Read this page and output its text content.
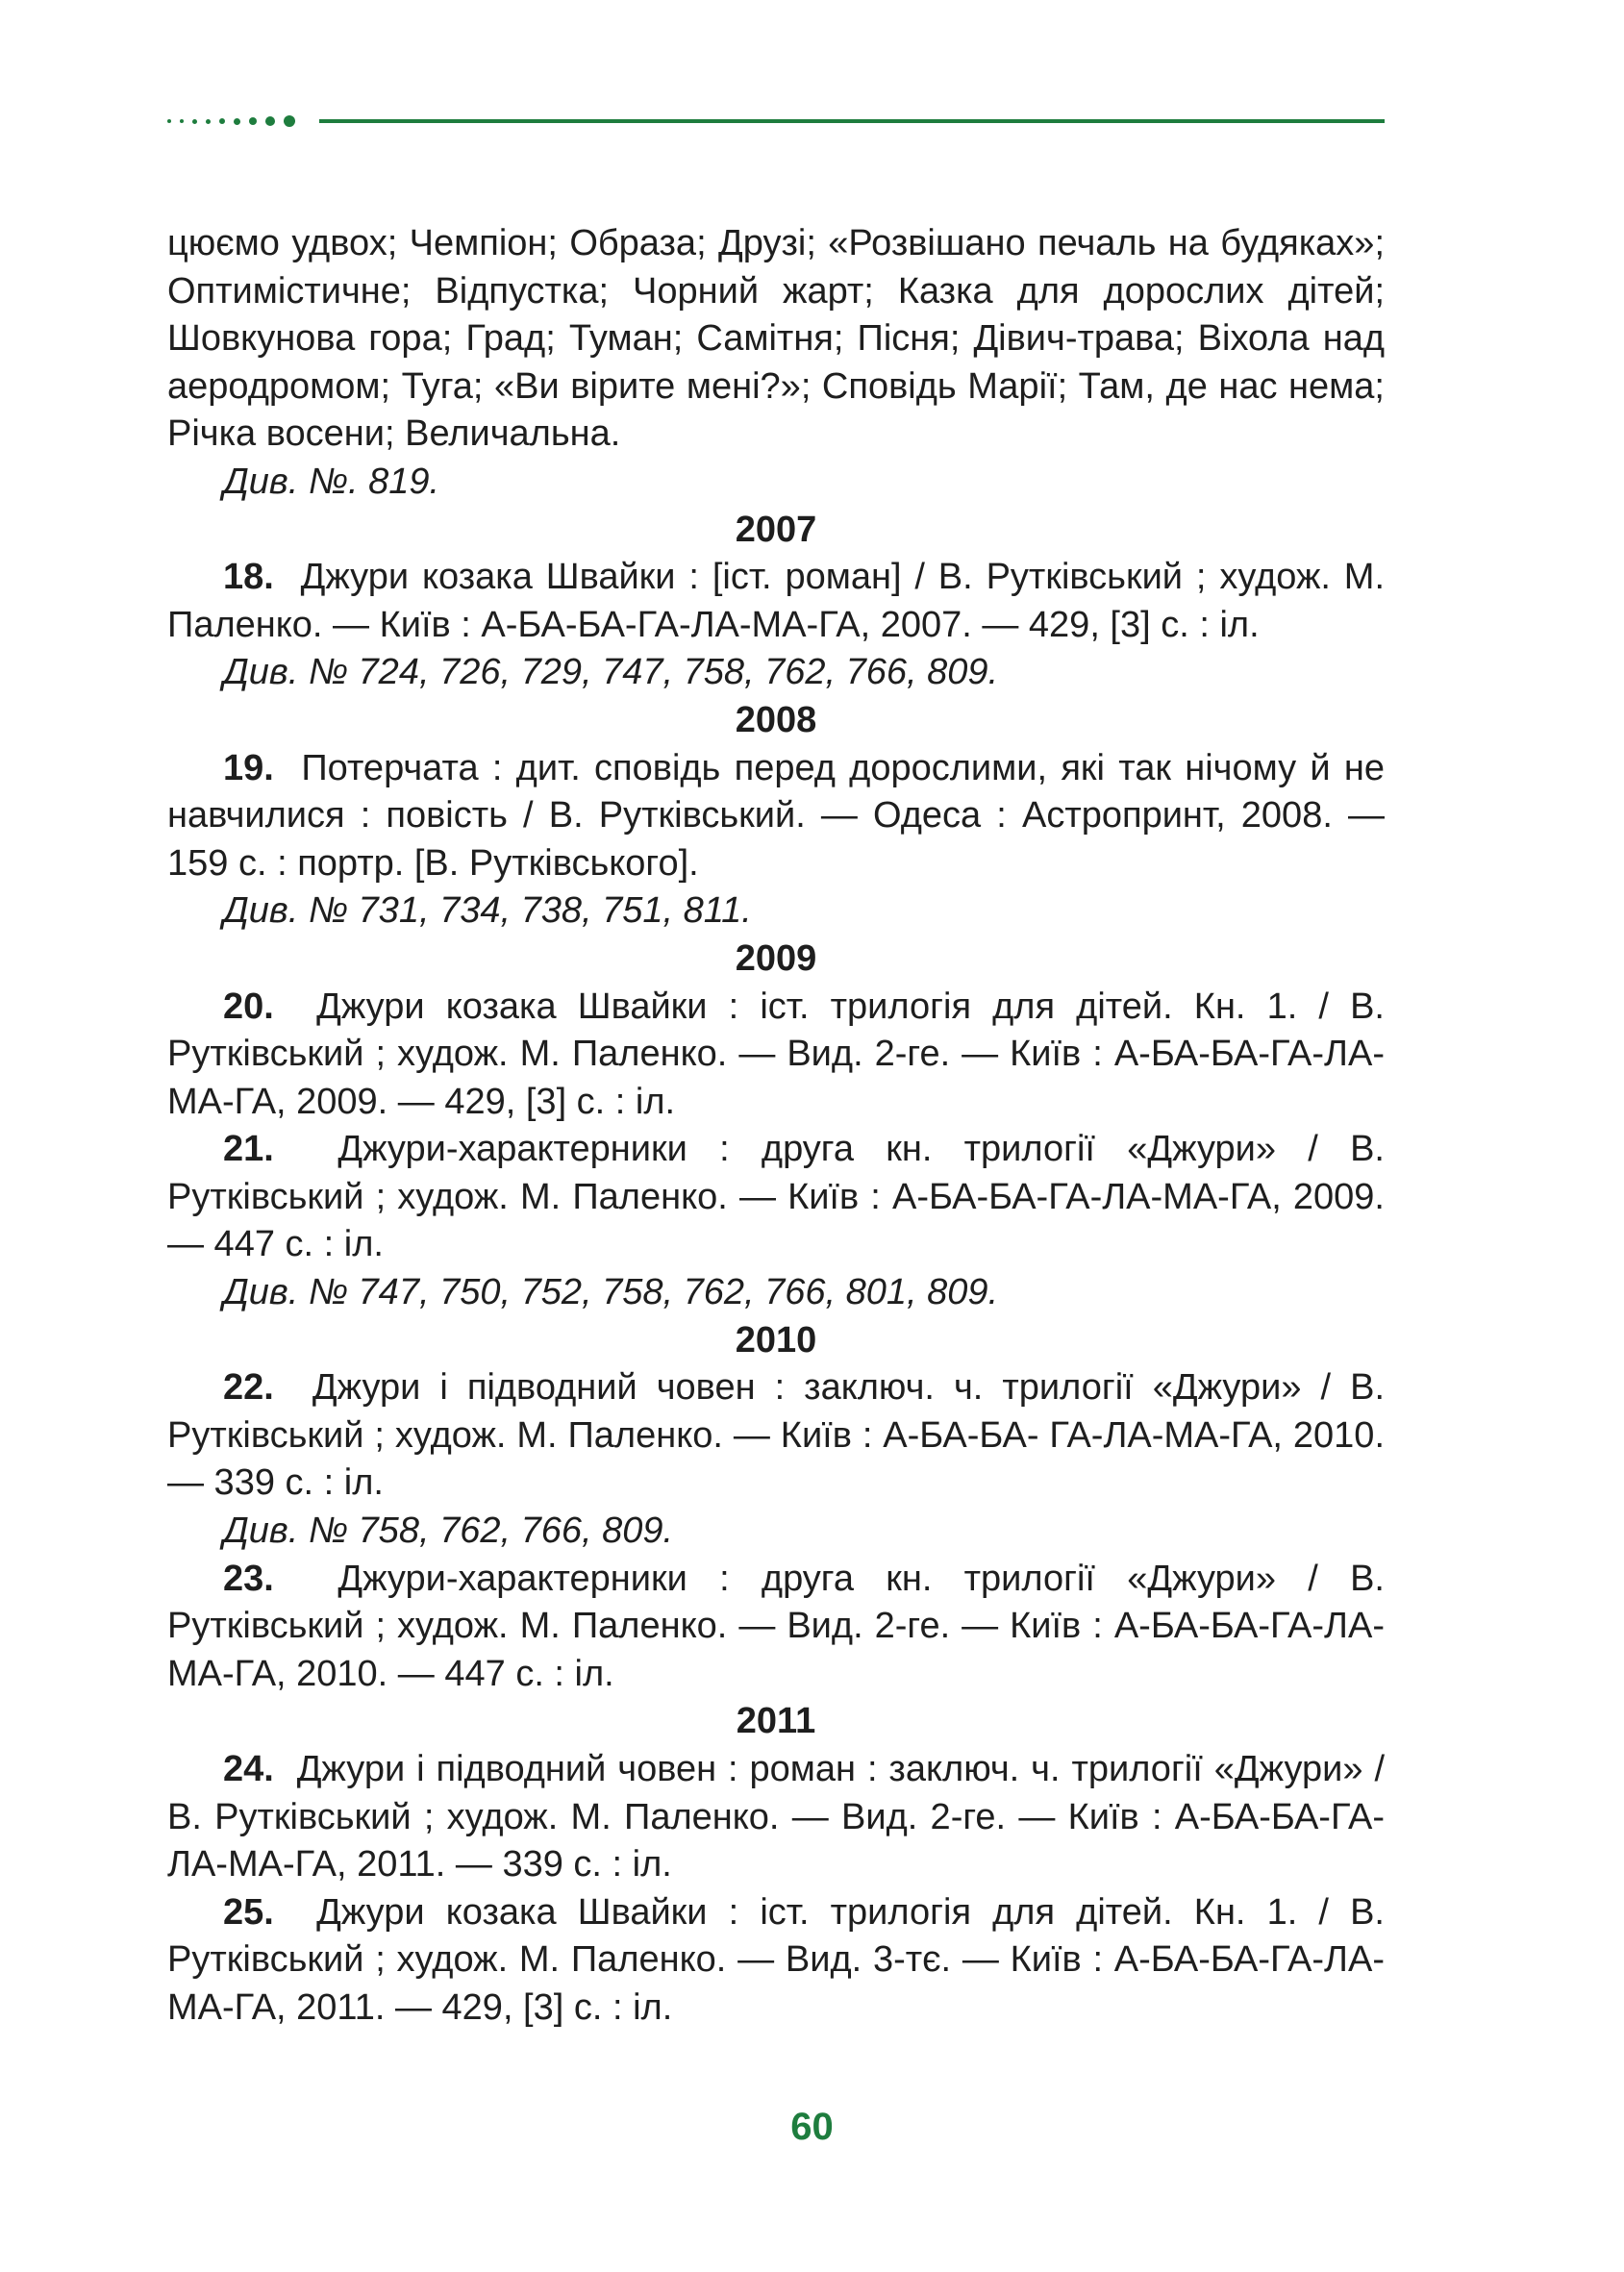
цюємо удвох; Чемпіон; Образа; Друзі; «Розвішано печаль на будяках»; Оптимістичне; Відпустка; Чорний жарт; Казка для дорослих дітей; Шовкунова гора; Град; Туман; Самітня; Пісня; Дівич-трава; Віхола над аеродромом; Туга; «Ви вірите мені?»; Сповідь Марії; Там, де нас нема; Річка восени; Величальна.

Див. №. 819.

2007

18. Джури козака Швайки : [іст. роман] / В. Рутківський ; худож. М. Паленко. — Київ : А-БА-БА-ГА-ЛА-МА-ГА, 2007. — 429, [3] с. : іл.

Див. № 724, 726, 729, 747, 758, 762, 766, 809.

2008

19. Потерчата : дит. сповідь перед дорослими, які так нічому й не навчилися : повість / В. Рутківський. — Одеса : Астропринт, 2008. — 159 с. : портр. [В. Рутківського].

Див. № 731, 734, 738, 751, 811.

2009

20. Джури козака Швайки : іст. трилогія для дітей. Кн. 1. / В. Рутківський ; худож. М. Паленко. — Вид. 2-ге. — Київ : А-БА-БА-ГА-ЛА-МА-ГА, 2009. — 429, [3] с. : іл.

21. Джури-характерники : друга кн. трилогії «Джури» / В. Рутківський ; худож. М. Паленко. — Київ : А-БА-БА-ГА-ЛА-МА-ГА, 2009. — 447 с. : іл.

Див. № 747, 750, 752, 758, 762, 766, 801, 809.

2010

22. Джури і підводний човен : заключ. ч. трилогії «Джури» / В. Рутківський ; худож. М. Паленко. — Київ : А-БА-БА- ГА-ЛА-МА-ГА, 2010. — 339 с. : іл.

Див. № 758, 762, 766, 809.

23. Джури-характерники : друга кн. трилогії «Джури» / В. Рутківський ; худож. М. Паленко. — Вид. 2-ге. — Київ : А-БА-БА-ГА-ЛА-МА-ГА, 2010. — 447 с. : іл.

2011

24. Джури і підводний човен : роман : заключ. ч. трилогії «Джури» / В. Рутківський ; худож. М. Паленко. — Вид. 2-ге. — Київ : А-БА-БА-ГА-ЛА-МА-ГА, 2011. — 339 с. : іл.

25. Джури козака Швайки : іст. трилогія для дітей. Кн. 1. / В. Рутківський ; худож. М. Паленко. — Вид. 3-тє. — Київ : А-БА-БА-ГА-ЛА-МА-ГА, 2011. — 429, [3] с. : іл.

60
